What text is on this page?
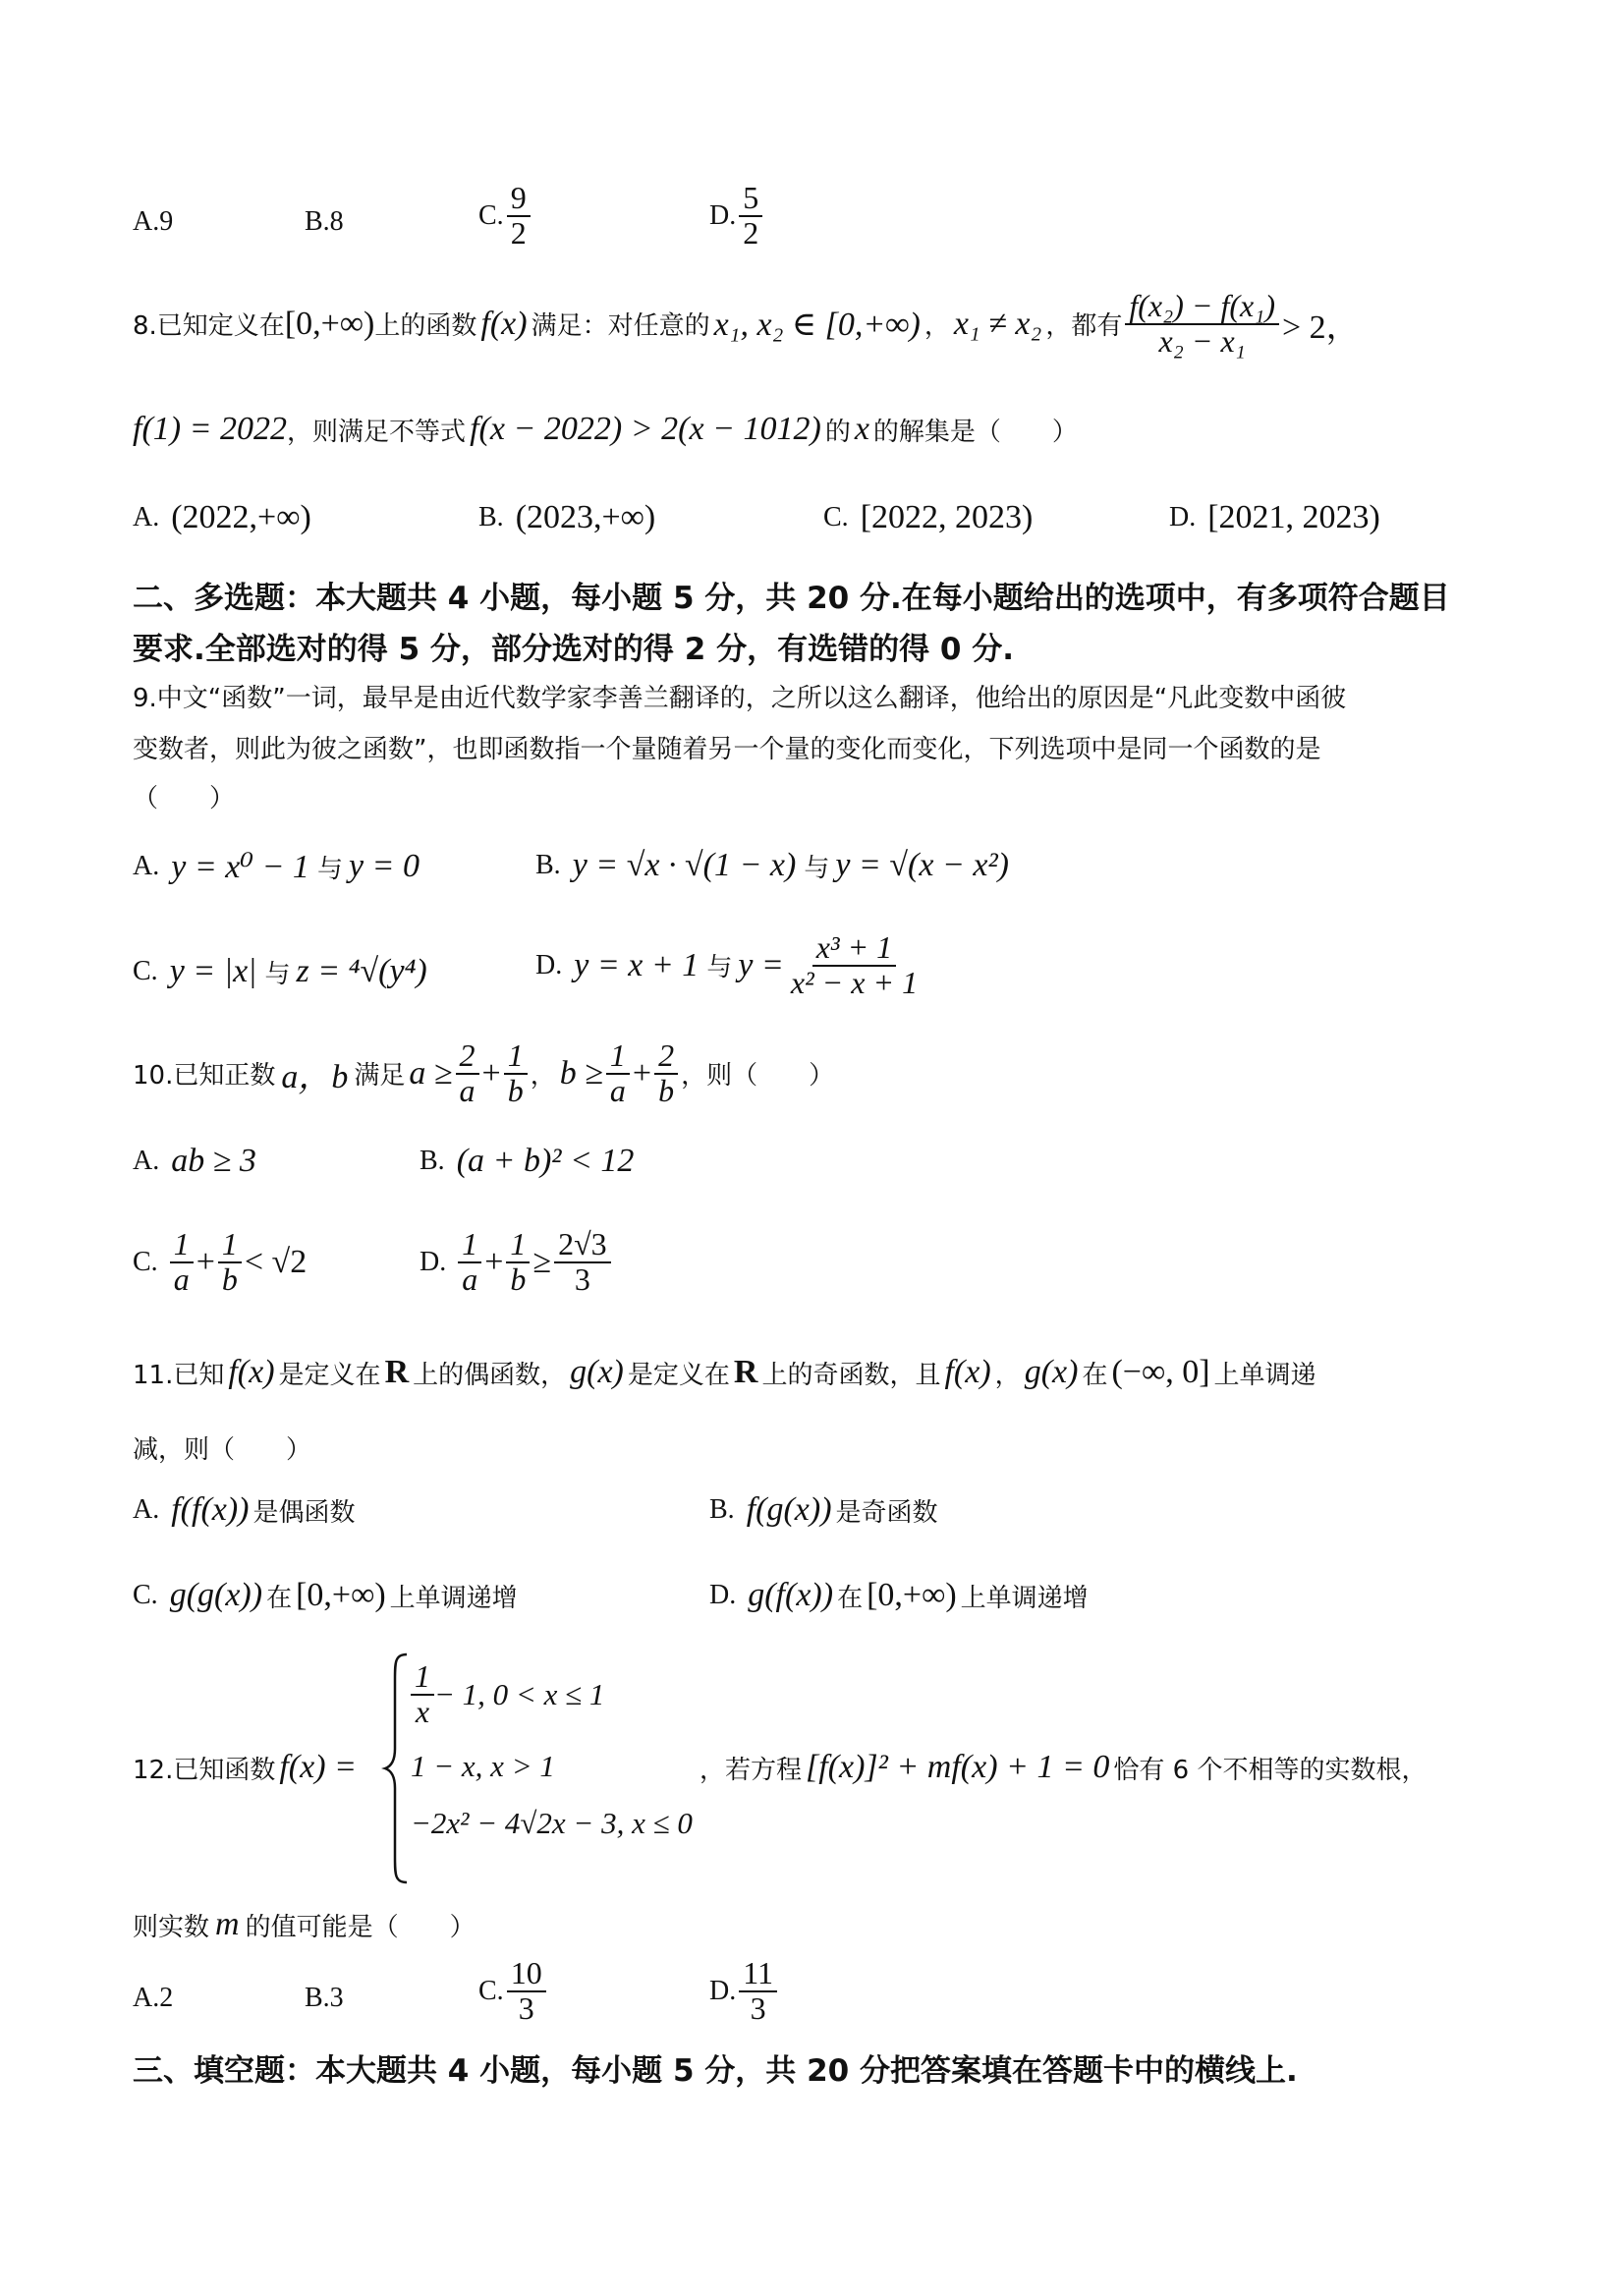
A.9	B.8	C. $\frac{9}{2}$	D. $\frac{5}{2}$
8.已知定义在 [0,+∞) 上的函数 f(x) 满足：对任意的 x₁, x₂ ∈ [0,+∞) ， x₁ ≠ x₂ ，都有 $\frac{\text{f(x₂) − f(x₁)}}{\text{x₂ − x₁}} > 2$，
f(1) = 2022 ，则满足不等式 f(x − 2022) > 2(x − 1012) 的 x 的解集是（　　）
A. (2022,+∞)	B. (2023,+∞)	C. [2022, 2023)	D. [2021, 2023)
二、多选题：本大题共 4 小题，每小题 5 分，共 20 分.在每小题给出的选项中，有多项符合题目
要求.全部选对的得 5 分，部分选对的得 2 分，有选错的得 0 分.
9.中文“函数”一词，最早是由近代数学家李善兰翻译的，之所以这么翻译，他给出的原因是“凡此变数中函彼
变数者，则此为彼之函数”，也即函数指一个量随着另一个量的变化而变化，下列选项中是同一个函数的是
（　　）
A. y = x⁰ − 1 与 y = 0	B. y = √x · √(1 − x) 与 y = √(x − x²)
C. y = |x| 与 z = ⁴√(y⁴)	D. y = x + 1 与 $y = \frac{\text{x³ + 1}}{\text{x² − x + 1}}$
10.已知正数 a，b 满足 $a \ge \frac{2}{a} + \frac{1}{b}$ ， $b \ge \frac{1}{a} + \frac{2}{b}$ ，则（　　）
A. ab ≥ 3	B. (a + b)² < 12
C. $\frac{1}{a} + \frac{1}{b} < √2$	D. $\frac{1}{a} + \frac{1}{b} \ge \frac{2√3}{3}$
11.已知 f(x) 是定义在 R 上的偶函数， g(x) 是定义在 R 上的奇函数，且 f(x) ， g(x) 在 (−∞, 0] 上单调递
减，则（　　）
A. f(f(x)) 是偶函数	B. f(g(x)) 是奇函数
C. g(g(x)) 在 [0,+∞) 上单调递增	D. g(f(x)) 在 [0,+∞) 上单调递增
12.已知函数 f(x) =
$\frac{1}{x} - 1$, 0 < x ≤ 1
1 − x, x > 1
−2x² − 4√2x − 3, x ≤ 0
，若方程 [f(x)]² + mf(x) + 1 = 0 恰有 6 个不相等的实数根，
则实数 m 的值可能是（　　）
A.2	B.3	C. $\frac{10}{3}$	D. $\frac{11}{3}$
三、填空题：本大题共 4 小题，每小题 5 分，共 20 分把答案填在答题卡中的横线上.
